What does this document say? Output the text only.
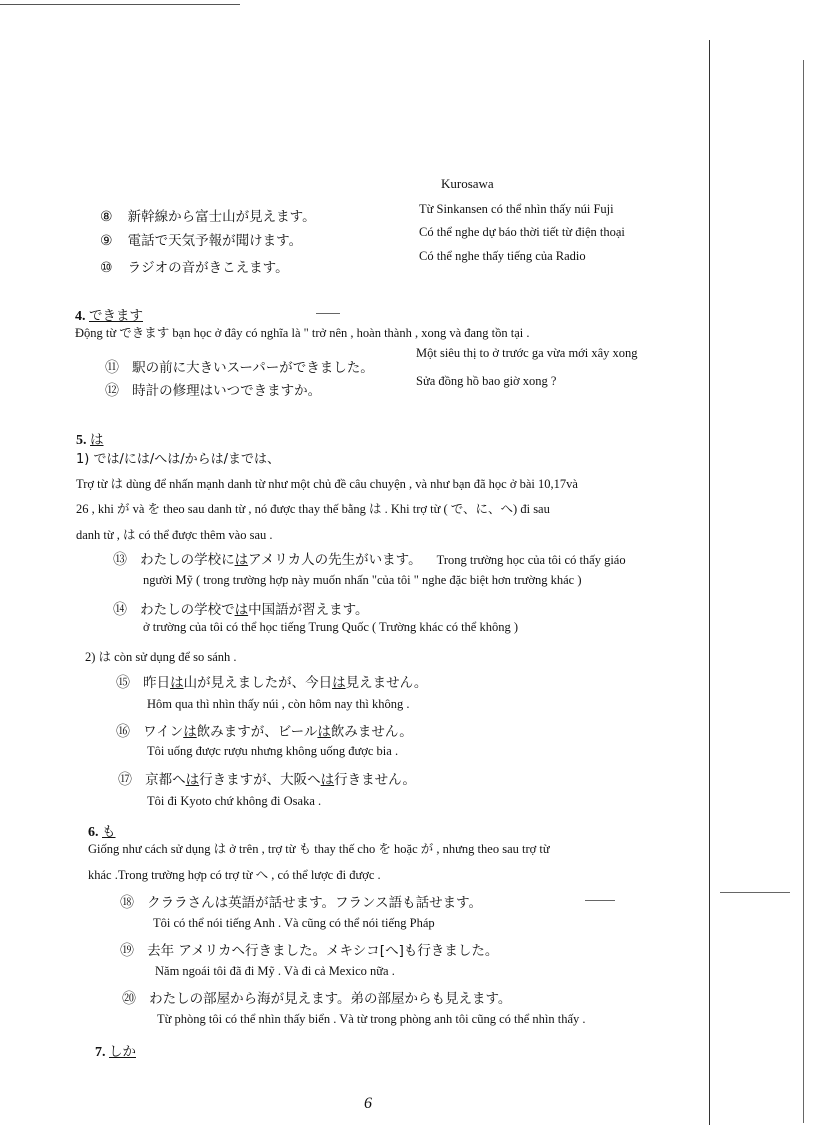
Kurosawa
⑧ 新幹線から富士山が見えます。	Từ Sinkansen có thể nhìn thấy núi Fuji
⑨ 電話で天気予報が聞けます。
Có thể nghe dự báo thời tiết từ điện thoại
⑩ ラジオの音がきこえます。
Có thể nghe thấy tiếng của Radio
4. できます
Động từ できます bạn học ở đây có nghĩa là " trở nên , hoàn thành , xong và đang tồn tại .
⑪ 駅の前に大きいスーパーができました。
Một siêu thị to ở trước ga vừa mới xây xong
⑫ 時計の修理はいつできますか。
Sửa đồng hồ bao giờ xong ?
5. は
1) では/には/へは/からは/までは、
Trợ từ は dùng để nhấn mạnh danh từ như một chủ đề câu chuyện , và như bạn đã học ở bài 10,17và
26 , khi が và を theo sau danh từ , nó được thay thế bằng は . Khi trợ từ ( で、に、へ) đi sau
danh từ , は có thể được thêm vào sau .
⑬ わたしの学校にはアメリカ人の先生がいます。 Trong trường học của tôi có thấy giáo
người Mỹ ( trong trường hợp này muốn nhấn "của tôi " nghe đặc biệt hơn trường khác )
⑭ わたしの学校では中国語が習えます。
ở trường của tôi có thể học tiếng Trung Quốc ( Trường khác có thể không )
2) は còn sử dụng để so sánh .
⑮ 昨日は山が見えましたが、今日は見えません。
Hôm qua thì nhìn thấy núi , còn hôm nay thì không .
⑯ ワインは飲みますが、ビールは飲みません。
Tôi uống được rượu nhưng không uống được bia .
⑰ 京都へは行きますが、大阪へは行きません。
Tôi đi Kyoto chứ không đi Osaka .
6. も
Giống như cách sử dụng は ở trên , trợ từ も thay thế cho を hoặc が , nhưng theo sau trợ từ
khác .Trong trường hợp có trợ từ へ , có thể lược đi được .
⑱ クララさんは英語が話せます。フランス語も話せます。
Tôi có thể nói tiếng Anh . Và cũng có thể nói tiếng Pháp
⑲ 去年 アメリカへ行きました。メキシコ[へ]も行きました。
Năm ngoái tôi đã đi Mỹ . Và đi cả Mexico nữa .
⑳ わたしの部屋から海が見えます。弟の部屋からも見えます。
Từ phòng tôi có thể nhìn thấy biển . Và từ trong phòng anh tôi cũng có thể nhìn thấy .
7. しか
6
